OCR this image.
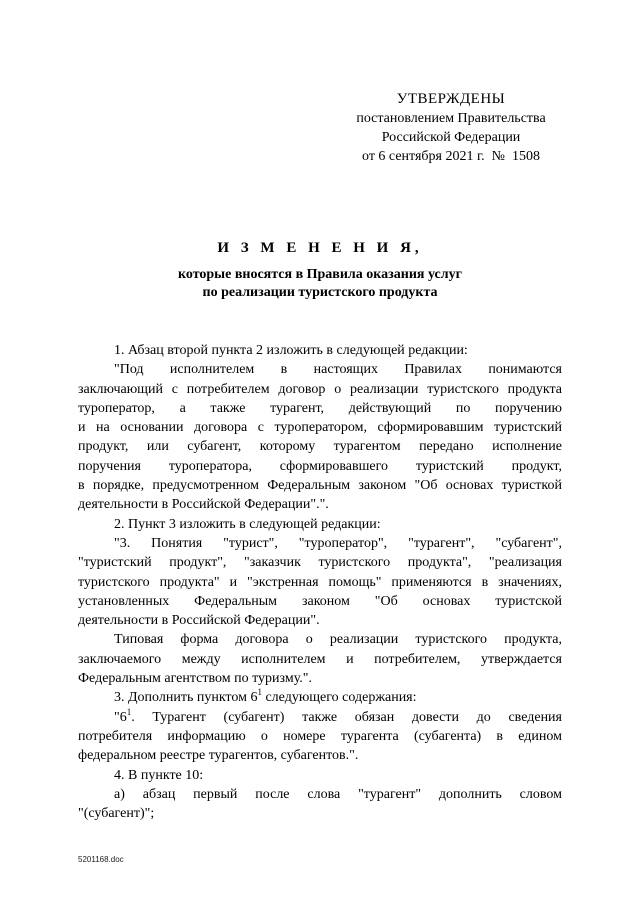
УТВЕРЖДЕНЫ
постановлением Правительства
Российской Федерации
от 6 сентября 2021 г.  №  1508
И З М Е Н Е Н И Я,
которые вносятся в Правила оказания услуг
по реализации туристского продукта
1. Абзац второй пункта 2 изложить в следующей редакции:
"Под исполнителем в настоящих Правилах понимаются
заключающий с потребителем договор о реализации туристского продукта
туроператор, а также турагент, действующий по поручению
и на основании договора с туроператором, сформировавшим туристский
продукт, или субагент, которому турагентом передано исполнение
поручения туроператора, сформировавшего туристский продукт,
в порядке, предусмотренном Федеральным законом "Об основах туристкой
деятельности в Российской Федерации".".
2. Пункт 3 изложить в следующей редакции:
"3. Понятия "турист", "туроператор", "турагент", "субагент",
"туристский продукт", "заказчик туристского продукта", "реализация
туристского продукта" и "экстренная помощь" применяются в значениях,
установленных Федеральным законом "Об основах туристской
деятельности в Российской Федерации".
Типовая форма договора о реализации туристского продукта,
заключаемого между исполнителем и потребителем, утверждается
Федеральным агентством по туризму.".
3. Дополнить пунктом $6^1$ следующего содержания:
"$6^1$. Турагент (субагент) также обязан довести до сведения
потребителя информацию о номере турагента (субагента) в едином
федеральном реестре турагентов, субагентов.".
4. В пункте 10:
а) абзац первый после слова "турагент" дополнить словом
"(субагент)";
5201168.doc
